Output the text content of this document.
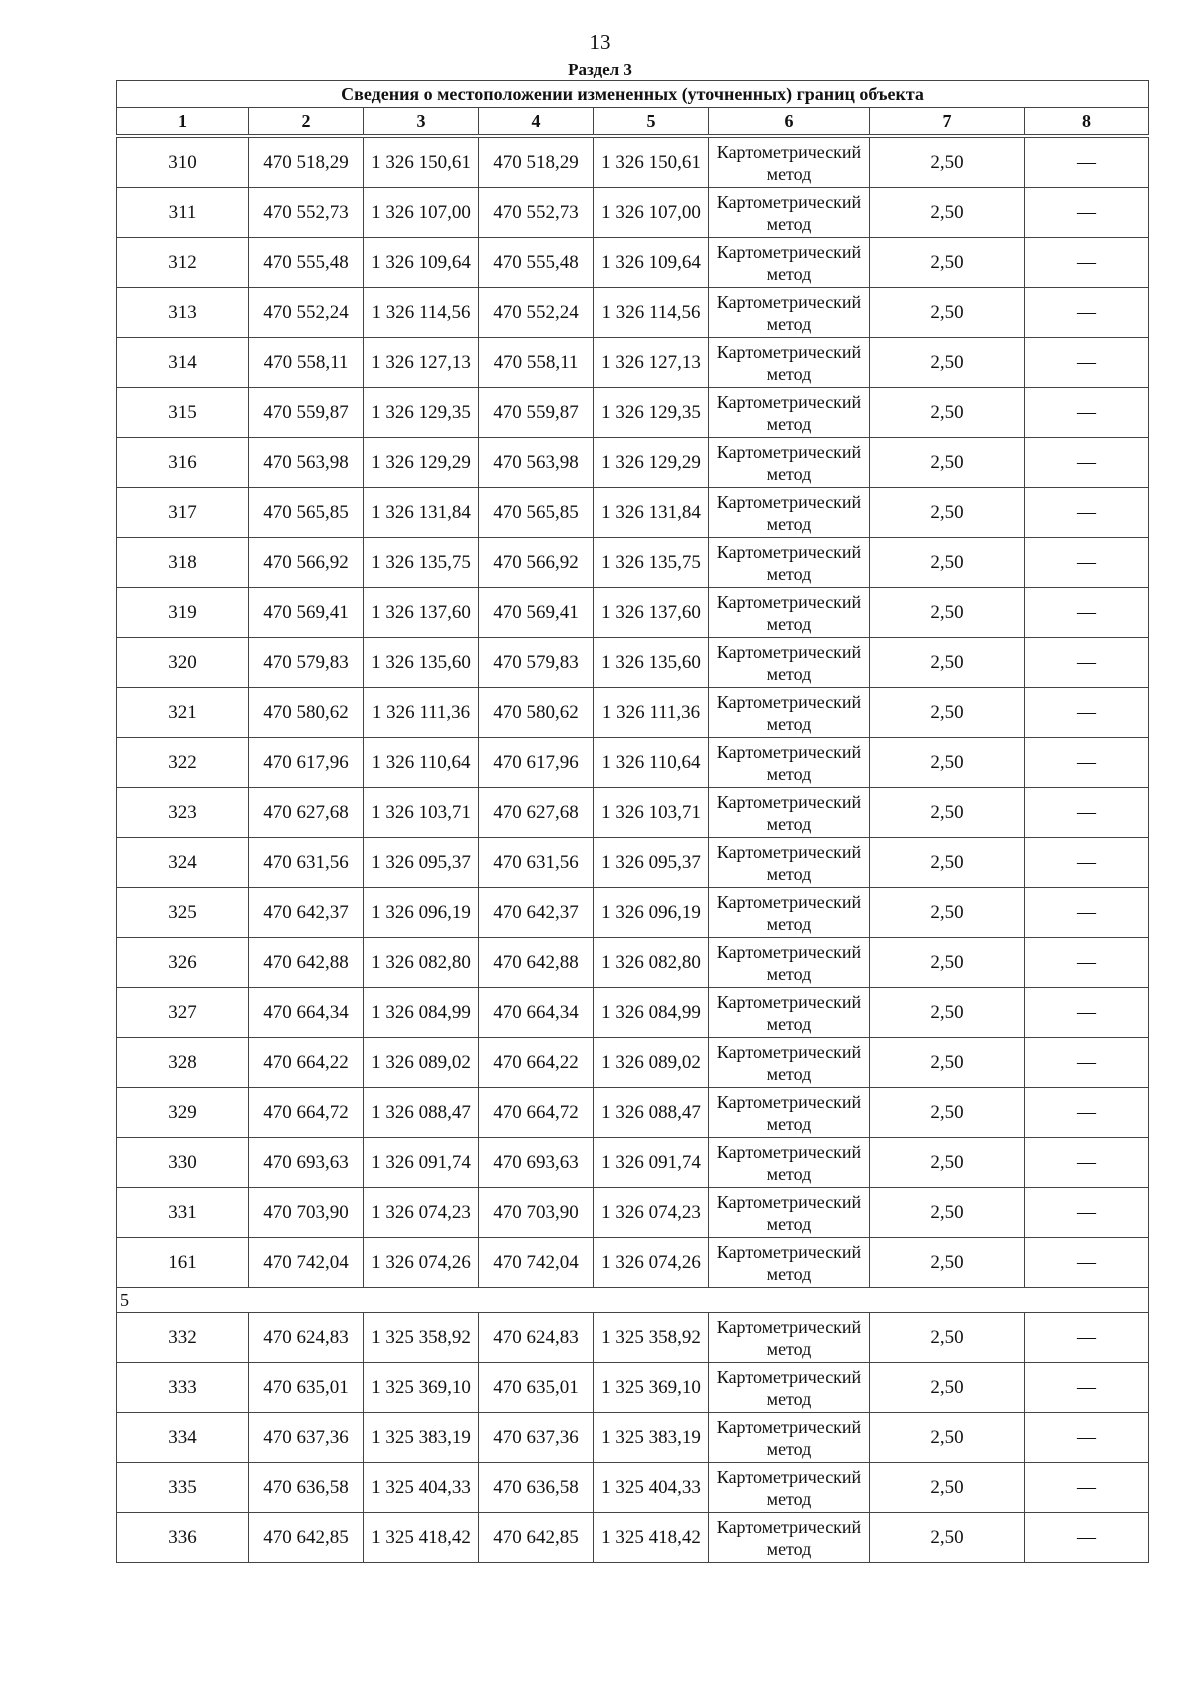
13
Раздел 3
Сведения о местоположении измененных (уточненных) границ объекта							
1	2	3	4	5	6	7	8

310	470 518,29	1 326 150,61	470 518,29	1 326 150,61	Картометрический метод	2,50	—
311	470 552,73	1 326 107,00	470 552,73	1 326 107,00	Картометрический метод	2,50	—
312	470 555,48	1 326 109,64	470 555,48	1 326 109,64	Картометрический метод	2,50	—
313	470 552,24	1 326 114,56	470 552,24	1 326 114,56	Картометрический метод	2,50	—
314	470 558,11	1 326 127,13	470 558,11	1 326 127,13	Картометрический метод	2,50	—
315	470 559,87	1 326 129,35	470 559,87	1 326 129,35	Картометрический метод	2,50	—
316	470 563,98	1 326 129,29	470 563,98	1 326 129,29	Картометрический метод	2,50	—
317	470 565,85	1 326 131,84	470 565,85	1 326 131,84	Картометрический метод	2,50	—
318	470 566,92	1 326 135,75	470 566,92	1 326 135,75	Картометрический метод	2,50	—
319	470 569,41	1 326 137,60	470 569,41	1 326 137,60	Картометрический метод	2,50	—
320	470 579,83	1 326 135,60	470 579,83	1 326 135,60	Картометрический метод	2,50	—
321	470 580,62	1 326 111,36	470 580,62	1 326 111,36	Картометрический метод	2,50	—
322	470 617,96	1 326 110,64	470 617,96	1 326 110,64	Картометрический метод	2,50	—
323	470 627,68	1 326 103,71	470 627,68	1 326 103,71	Картометрический метод	2,50	—
324	470 631,56	1 326 095,37	470 631,56	1 326 095,37	Картометрический метод	2,50	—
325	470 642,37	1 326 096,19	470 642,37	1 326 096,19	Картометрический метод	2,50	—
326	470 642,88	1 326 082,80	470 642,88	1 326 082,80	Картометрический метод	2,50	—
327	470 664,34	1 326 084,99	470 664,34	1 326 084,99	Картометрический метод	2,50	—
328	470 664,22	1 326 089,02	470 664,22	1 326 089,02	Картометрический метод	2,50	—
329	470 664,72	1 326 088,47	470 664,72	1 326 088,47	Картометрический метод	2,50	—
330	470 693,63	1 326 091,74	470 693,63	1 326 091,74	Картометрический метод	2,50	—
331	470 703,90	1 326 074,23	470 703,90	1 326 074,23	Картометрический метод	2,50	—
161	470 742,04	1 326 074,26	470 742,04	1 326 074,26	Картометрический метод	2,50	—
5							
332	470 624,83	1 325 358,92	470 624,83	1 325 358,92	Картометрический метод	2,50	—
333	470 635,01	1 325 369,10	470 635,01	1 325 369,10	Картометрический метод	2,50	—
334	470 637,36	1 325 383,19	470 637,36	1 325 383,19	Картометрический метод	2,50	—
335	470 636,58	1 325 404,33	470 636,58	1 325 404,33	Картометрический метод	2,50	—
336	470 642,85	1 325 418,42	470 642,85	1 325 418,42	Картометрический метод	2,50	—
